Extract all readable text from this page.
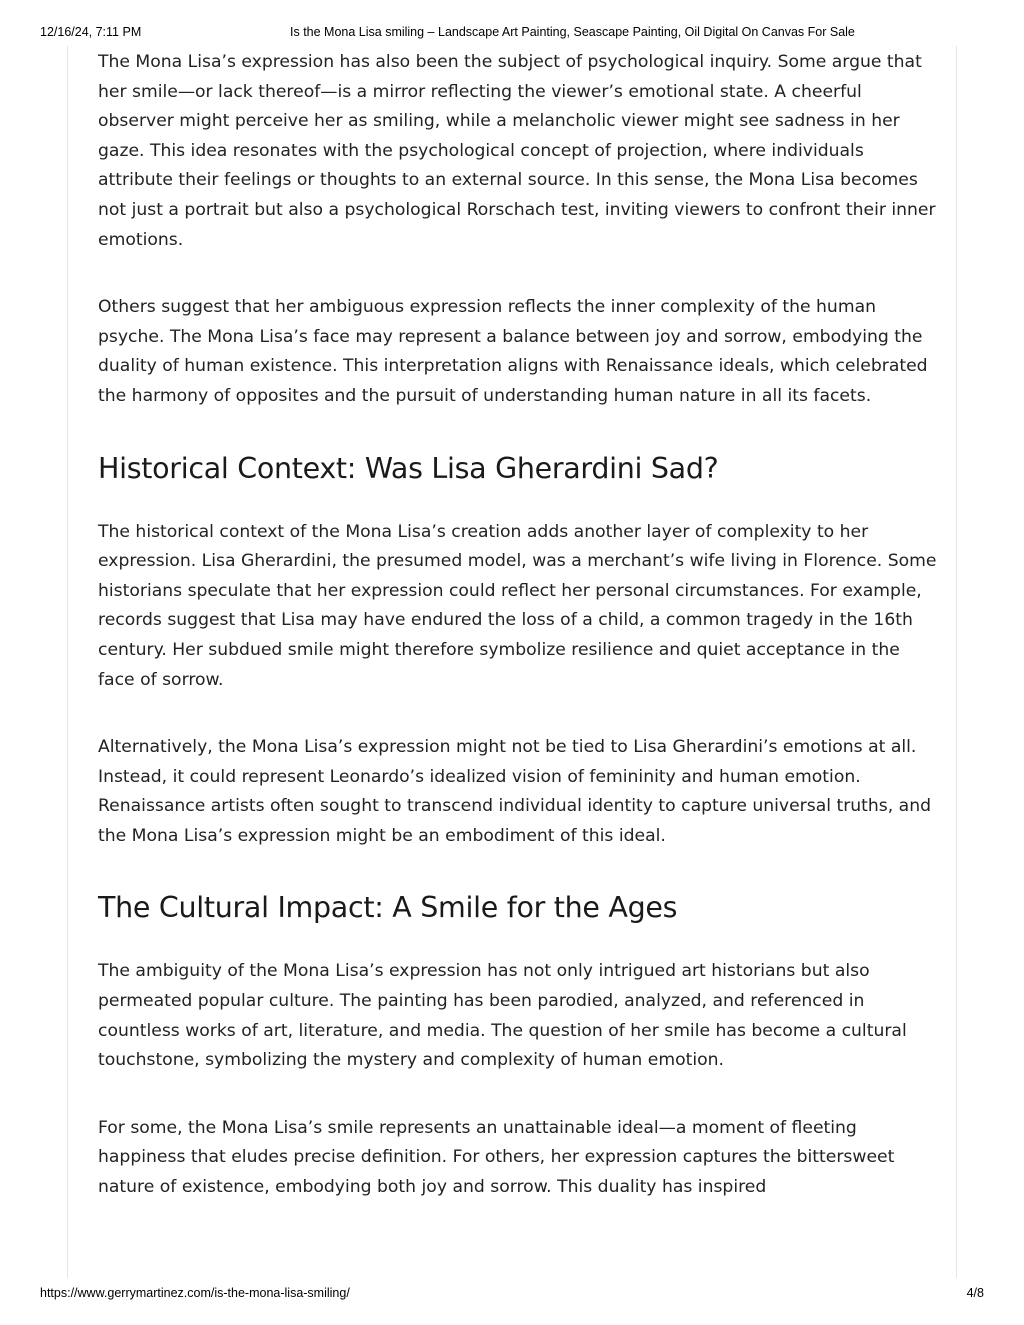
12/16/24, 7:11 PM	Is the Mona Lisa smiling – Landscape Art Painting, Seascape Painting, Oil Digital On Canvas For Sale

The Mona Lisa’s expression has also been the subject of psychological inquiry. Some argue that her smile—or lack thereof—is a mirror reflecting the viewer’s emotional state. A cheerful observer might perceive her as smiling, while a melancholic viewer might see sadness in her gaze. This idea resonates with the psychological concept of projection, where individuals attribute their feelings or thoughts to an external source. In this sense, the Mona Lisa becomes not just a portrait but also a psychological Rorschach test, inviting viewers to confront their inner emotions.

Others suggest that her ambiguous expression reflects the inner complexity of the human psyche. The Mona Lisa’s face may represent a balance between joy and sorrow, embodying the duality of human existence. This interpretation aligns with Renaissance ideals, which celebrated the harmony of opposites and the pursuit of understanding human nature in all its facets.

Historical Context: Was Lisa Gherardini Sad?

The historical context of the Mona Lisa’s creation adds another layer of complexity to her expression. Lisa Gherardini, the presumed model, was a merchant’s wife living in Florence. Some historians speculate that her expression could reflect her personal circumstances. For example, records suggest that Lisa may have endured the loss of a child, a common tragedy in the 16th century. Her subdued smile might therefore symbolize resilience and quiet acceptance in the face of sorrow.

Alternatively, the Mona Lisa’s expression might not be tied to Lisa Gherardini’s emotions at all. Instead, it could represent Leonardo’s idealized vision of femininity and human emotion. Renaissance artists often sought to transcend individual identity to capture universal truths, and the Mona Lisa’s expression might be an embodiment of this ideal.

The Cultural Impact: A Smile for the Ages

The ambiguity of the Mona Lisa’s expression has not only intrigued art historians but also permeated popular culture. The painting has been parodied, analyzed, and referenced in countless works of art, literature, and media. The question of her smile has become a cultural touchstone, symbolizing the mystery and complexity of human emotion.

For some, the Mona Lisa’s smile represents an unattainable ideal—a moment of fleeting happiness that eludes precise definition. For others, her expression captures the bittersweet nature of existence, embodying both joy and sorrow. This duality has inspired

https://www.gerrymartinez.com/is-the-mona-lisa-smiling/	4/8
